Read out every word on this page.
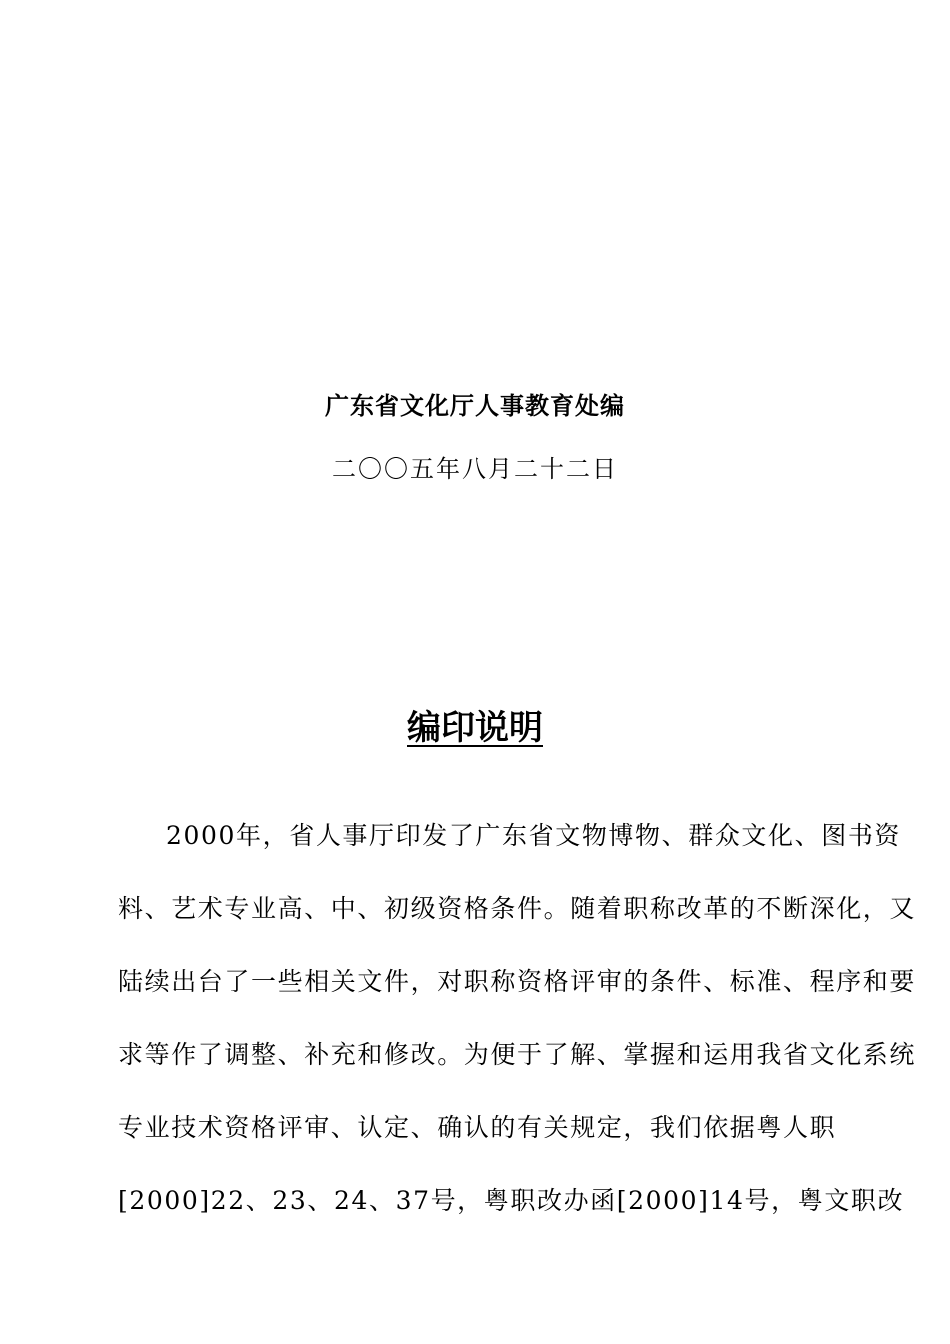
广东省文化厅人事教育处编
二〇〇五年八月二十二日
编印说明
2000年，省人事厅印发了广东省文物博物、群众文化、图书资
料、艺术专业高、中、初级资格条件。随着职称改革的不断深化，又
陆续出台了一些相关文件，对职称资格评审的条件、标准、程序和要
求等作了调整、补充和修改。为便于了解、掌握和运用我省文化系统
专业技术资格评审、认定、确认的有关规定，我们依据粤人职
[2000]22、23、24、37号，粤职改办函[2000]14号，粤文职改
